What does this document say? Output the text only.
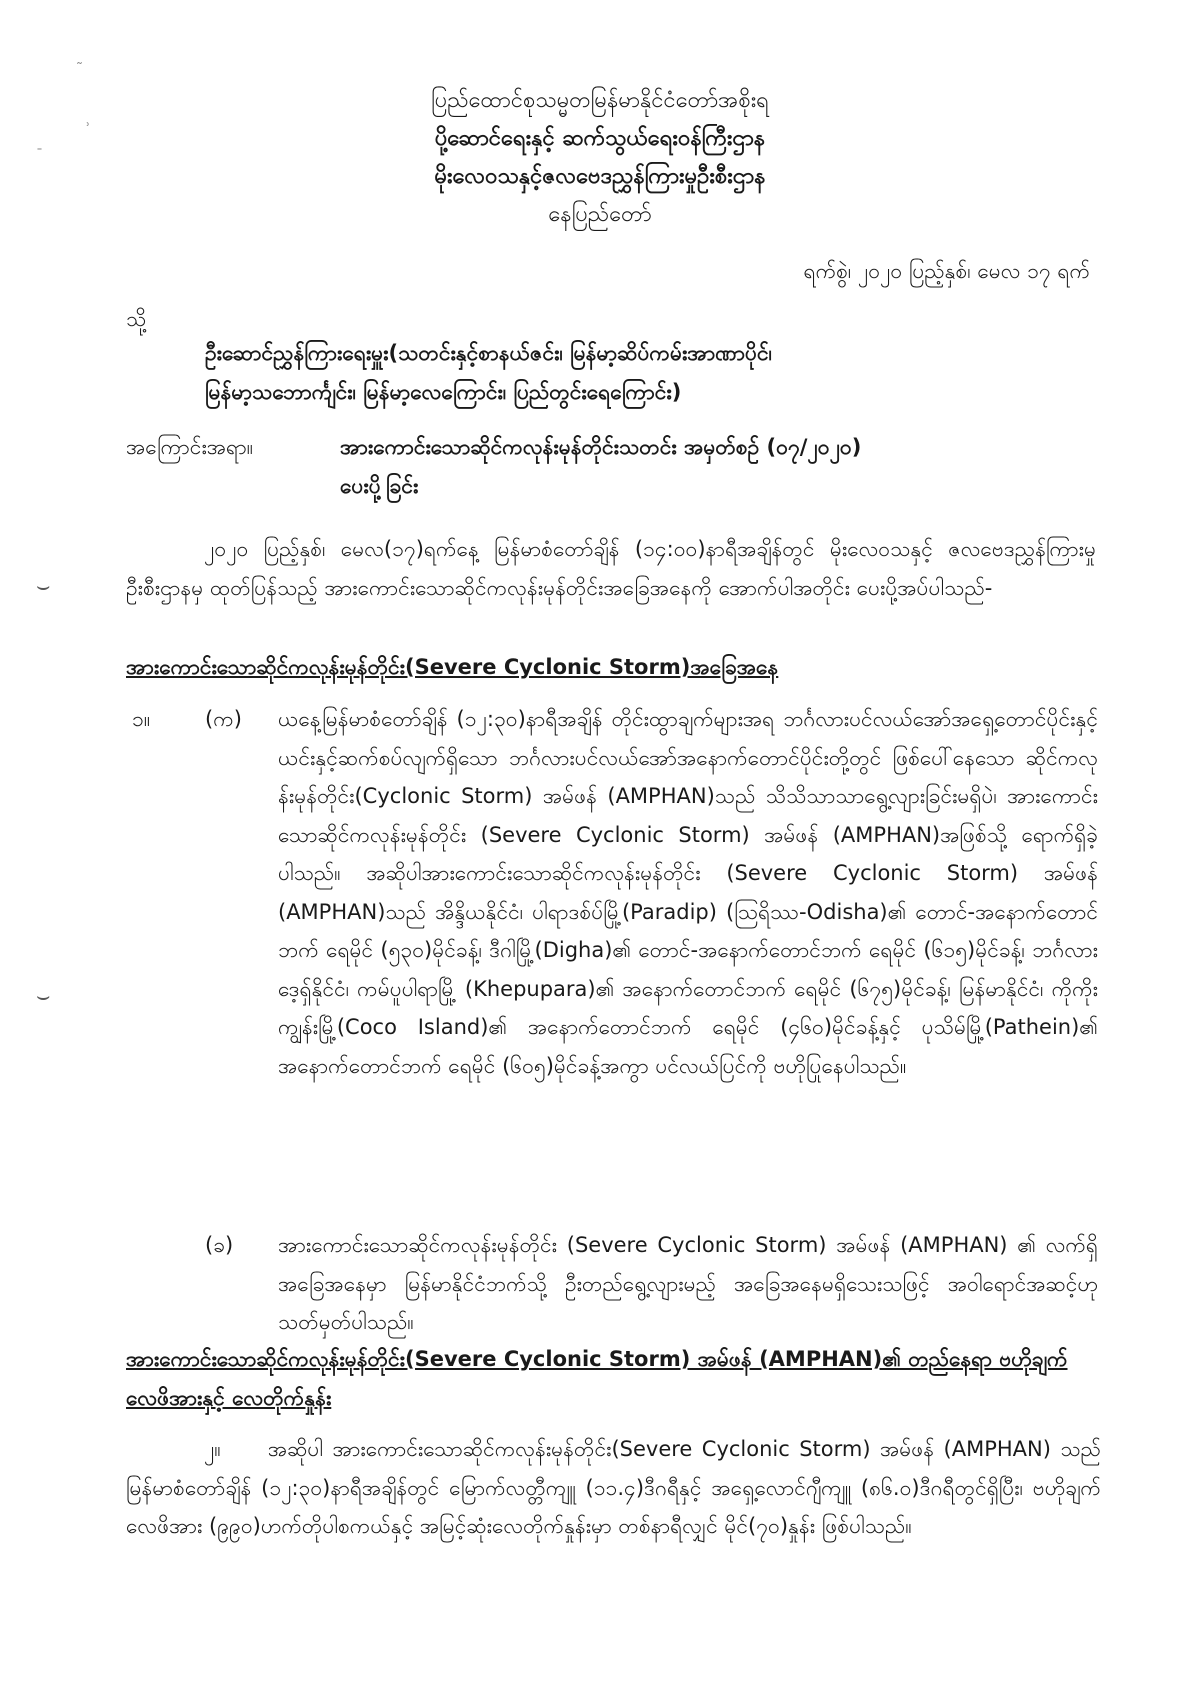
˜
ʾ
ˉ
⌣
⌣
ပြည်ထောင်စုသမ္မတမြန်မာနိုင်ငံတော်အစိုးရ
ပို့ဆောင်ရေးနှင့် ဆက်သွယ်ရေးဝန်ကြီးဌာန
မိုးလေဝသနှင့်ဇလဗေဒညွှန်ကြားမှုဦးစီးဌာန
နေပြည်တော်
ရက်စွဲ၊ ၂၀၂၀ ပြည့်နှစ်၊ မေလ ၁၇ ရက်
သို့
ဦးဆောင်ညွှန်ကြားရေးမှူး(သတင်းနှင့်စာနယ်ဇင်း၊ မြန်မာ့ဆိပ်ကမ်းအာဏာပိုင်၊
မြန်မာ့သဘောင်္ကျင်း၊ မြန်မာ့လေကြောင်း၊ ပြည်တွင်းရေကြောင်း)
အကြောင်းအရာ။	အားကောင်းသောဆိုင်ကလုန်းမုန်တိုင်းသတင်း အမှတ်စဉ် (၀၇/၂၀၂၀)
ပေးပို့ခြင်း
၂၀၂၀ ပြည့်နှစ်၊ မေလ(၁၇)ရက်နေ့ မြန်မာစံတော်ချိန် (၁၄:၀၀)နာရီအချိန်တွင် မိုးလေဝသနှင့် ဇလဗေဒညွှန်ကြားမှုဦးစီးဌာနမှ ထုတ်ပြန်သည့် အားကောင်းသောဆိုင်ကလုန်းမုန်တိုင်းအခြေအနေကို အောက်ပါအတိုင်း ပေးပို့အပ်ပါသည်-
အားကောင်းသောဆိုင်ကလုန်းမုန်တိုင်း(Severe Cyclonic Storm)အခြေအနေ
၁။	(က) ယနေ့မြန်မာစံတော်ချိန် (၁၂:၃၀)နာရီအချိန် တိုင်းထွာချက်များအရ ဘင်္ဂလားပင်လယ်အော်အရှေ့တောင်ပိုင်းနှင့် ယင်းနှင့်ဆက်စပ်လျက်ရှိသော ဘင်္ဂလားပင်လယ်အော်အနောက်တောင်ပိုင်းတို့တွင် ဖြစ်ပေါ်နေသော ဆိုင်ကလုန်းမုန်တိုင်း(Cyclonic Storm) အမ်ဖန် (AMPHAN)သည် သိသိသာသာရွေ့လျားခြင်းမရှိပဲ၊ အားကောင်းသောဆိုင်ကလုန်းမုန်တိုင်း (Severe Cyclonic Storm) အမ်ဖန် (AMPHAN)အဖြစ်သို့ ရောက်ရှိခဲ့ပါသည်။ အဆိုပါအားကောင်းသောဆိုင်ကလုန်းမုန်တိုင်း (Severe Cyclonic Storm) အမ်ဖန် (AMPHAN)သည် အိန္ဒိယနိုင်ငံ၊ ပါရာဒစ်ပ်မြို့(Paradip) (ဩရိဿ-Odisha)၏ တောင်-အနောက်တောင်ဘက် ရေမိုင် (၅၃၀)မိုင်ခန့်၊ ဒီဂါမြို့(Digha)၏ တောင်-အနောက်တောင်ဘက် ရေမိုင် (၆၁၅)မိုင်ခန့်၊ ဘင်္ဂလားဒေ့ရှ်နိုင်ငံ၊ ကမ်ပူပါရာမြို့ (Khepupara)၏ အနောက်တောင်ဘက် ရေမိုင် (၆၇၅)မိုင်ခန့်၊ မြန်မာနိုင်ငံ၊ ကိုကိုးကျွန်းမြို့(Coco Island)၏ အနောက်တောင်ဘက် ရေမိုင် (၄၆၀)မိုင်ခန့်နှင့် ပုသိမ်မြို့(Pathein)၏ အနောက်တောင်ဘက် ရေမိုင် (၆၀၅)မိုင်ခန့်အကွာ ပင်လယ်ပြင်ကို ဗဟိုပြုနေပါသည်။
(ခ) အားကောင်းသောဆိုင်ကလုန်းမုန်တိုင်း (Severe Cyclonic Storm) အမ်ဖန် (AMPHAN) ၏ လက်ရှိအခြေအနေမှာ မြန်မာနိုင်ငံဘက်သို့ ဦးတည်ရွေ့လျားမည့် အခြေအနေမရှိသေးသဖြင့် အဝါရောင်အဆင့်ဟု သတ်မှတ်ပါသည်။
အားကောင်းသောဆိုင်ကလုန်းမုန်တိုင်း(Severe Cyclonic Storm) အမ်ဖန် (AMPHAN)၏ တည်နေရာ ဗဟိုချက်လေဖိအားနှင့် လေတိုက်နှုန်း
၂။ အဆိုပါ အားကောင်းသောဆိုင်ကလုန်းမုန်တိုင်း(Severe Cyclonic Storm) အမ်ဖန် (AMPHAN) သည် မြန်မာစံတော်ချိန် (၁၂:၃၀)နာရီအချိန်တွင် မြောက်လတ္တီကျူ (၁၁.၄)ဒီဂရီနှင့် အရှေ့လောင်ဂျီကျူ (၈၆.၀)ဒီဂရီတွင်ရှိပြီး၊ ဗဟိုချက်လေဖိအား (၉၉၀)ဟက်တိုပါစကယ်နှင့် အမြင့်ဆုံးလေတိုက်နှုန်းမှာ တစ်နာရီလျှင် မိုင်(၇၀)နှုန်း ဖြစ်ပါသည်။
